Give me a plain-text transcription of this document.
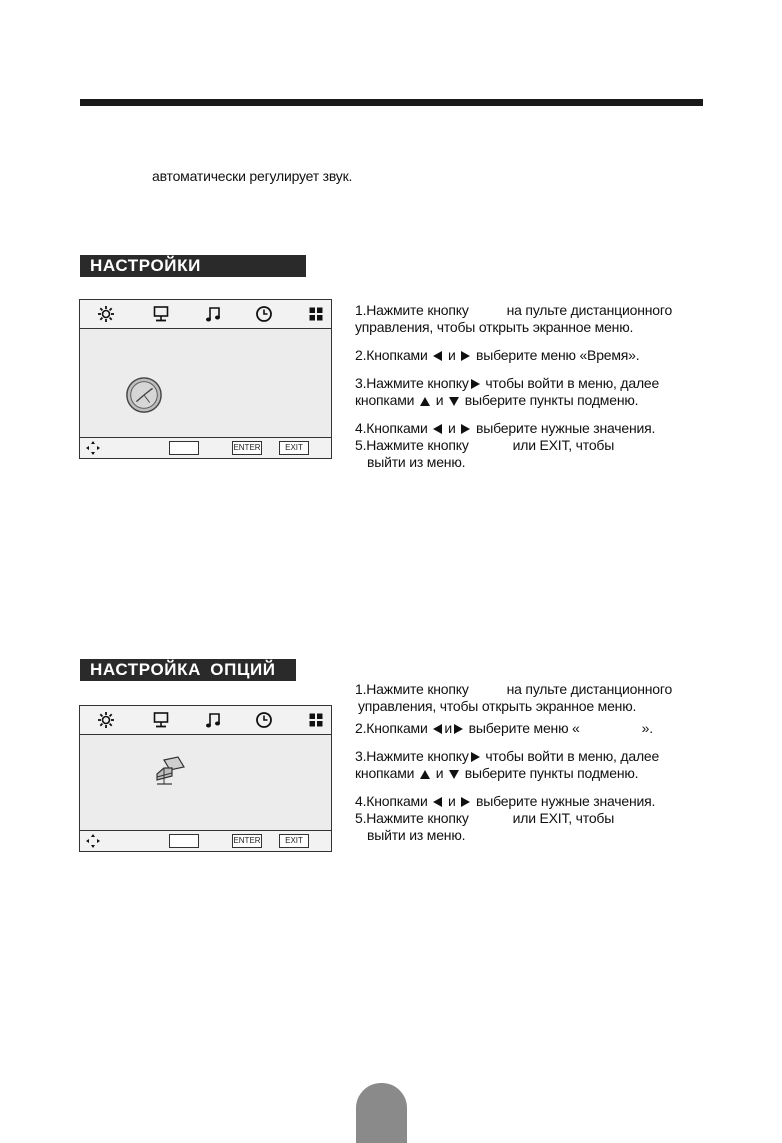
автоматически регулирует звук.
НАСТРОЙКИ ВРЕМЕНИ
ENTER	EXIT

1.Нажмите кнопку	на пульте дистанционного

управления, чтобы открыть экранное меню.

2.Кнопками и выберите меню «Время».

3.Нажмите кнопку чтобы войти в меню, далее

кнопками и выберите пункты подменю.

4.Кнопками и выберите нужные значения.

5.Нажмите кнопку	или EXIT, чтобы

выйти из меню.

НАСТРОЙКА ОПЦИЙ
ENTER	EXIT

1.Нажмите кнопку	на пульте дистанционного

управления, чтобы открыть экранное меню.

2.Кнопками и выберите меню «	».

3.Нажмите кнопку чтобы войти в меню, далее

кнопками и выберите пункты подменю.

4.Кнопками и выберите нужные значения.

5.Нажмите кнопку	или EXIT, чтобы

выйти из меню.
